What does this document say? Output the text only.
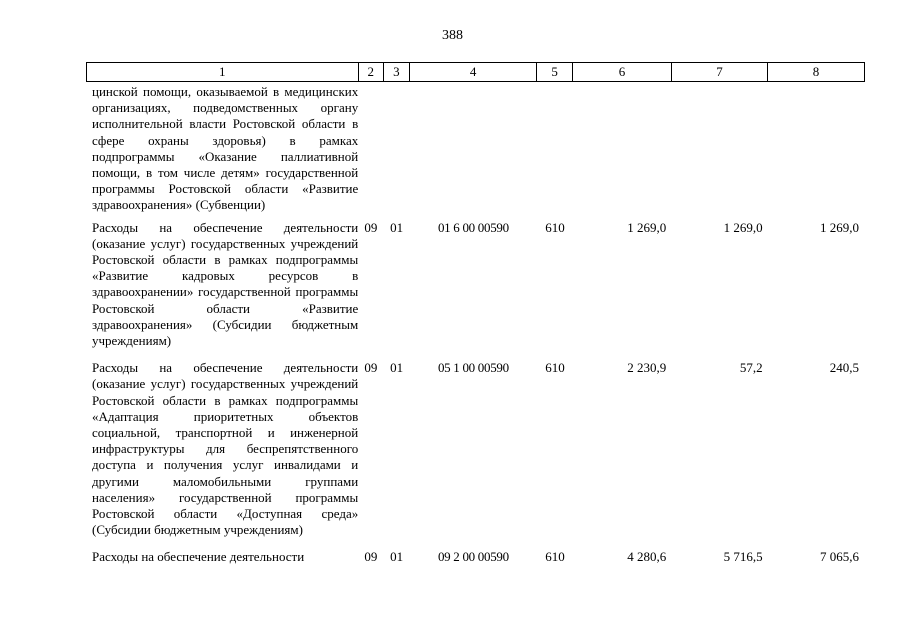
388
1	2	3	4	5	6	7	8
цинской помощи, оказываемой в медицинских организациях, подведомственных органу исполнительной власти Ростовской области в сфере охраны здоровья) в рамках подпрограммы «Оказание паллиативной помощи, в том числе детям» государственной программы Ростовской области «Развитие здравоохранения» (Субвенции)
Расходы на обеспечение деятельности (оказание услуг) государственных учреждений Ростовской области в рамках подпрограммы «Развитие кадровых ресурсов в здравоохранении» государственной программы Ростовской области «Развитие здравоохранения» (Субсидии бюджетным учреждениям)
09 01	01 6 00 00590	610	1 269,0	1 269,0	1 269,0
Расходы на обеспечение деятельности (оказание услуг) государственных учреждений Ростовской области в рамках подпрограммы «Адаптация приоритетных объектов социальной, транспортной и инженерной инфраструктуры для беспрепятственного доступа и получения услуг инвалидами и другими маломобильными группами населения» государственной программы Ростовской области «Доступная среда» (Субсидии бюджетным учреждениям)
09 01	05 1 00 00590	610	2 230,9	57,2	240,5
Расходы на обеспечение деятельности	09 01	09 2 00 00590	610	4 280,6	5 716,5	7 065,6
